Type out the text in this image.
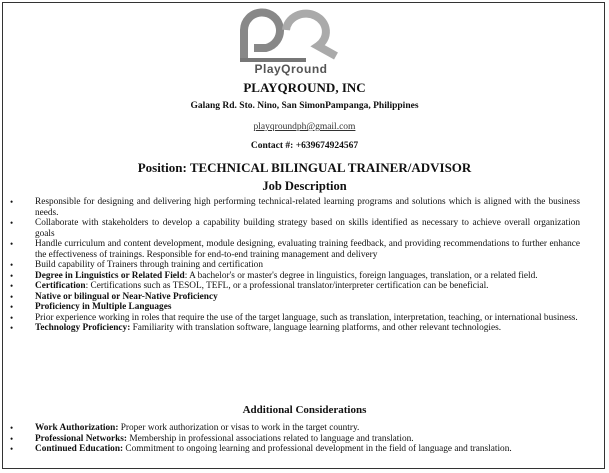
PlayQround
PLAYQROUND, INC
Galang Rd. Sto. Nino, San SimonPampanga, Philippines
playqroundph@gmail.com
Contact #: +639674924567
Position: TECHNICAL BILINGUAL TRAINER/ADVISOR
Job Description
• Responsible for designing and delivering high performing technical-related learning programs and solutions which is aligned with the business needs.
• Collaborate with stakeholders to develop a capability building strategy based on skills identified as necessary to achieve overall organization goals
• Handle curriculum and content development, module designing, evaluating training feedback, and providing recommendations to further enhance the effectiveness of trainings. Responsible for end-to-end training management and delivery
• Build capability of Trainers through training and certification
• Degree in Linguistics or Related Field: A bachelor's or master's degree in linguistics, foreign languages, translation, or a related field.
• Certification: Certifications such as TESOL, TEFL, or a professional translator/interpreter certification can be beneficial.
• Native or bilingual or Near-Native Proficiency
• Proficiency in Multiple Languages
• Prior experience working in roles that require the use of the target language, such as translation, interpretation, teaching, or international business.
• Technology Proficiency: Familiarity with translation software, language learning platforms, and other relevant technologies.
Additional Considerations
• Work Authorization: Proper work authorization or visas to work in the target country.
• Professional Networks: Membership in professional associations related to language and translation.
• Continued Education: Commitment to ongoing learning and professional development in the field of language and translation.
